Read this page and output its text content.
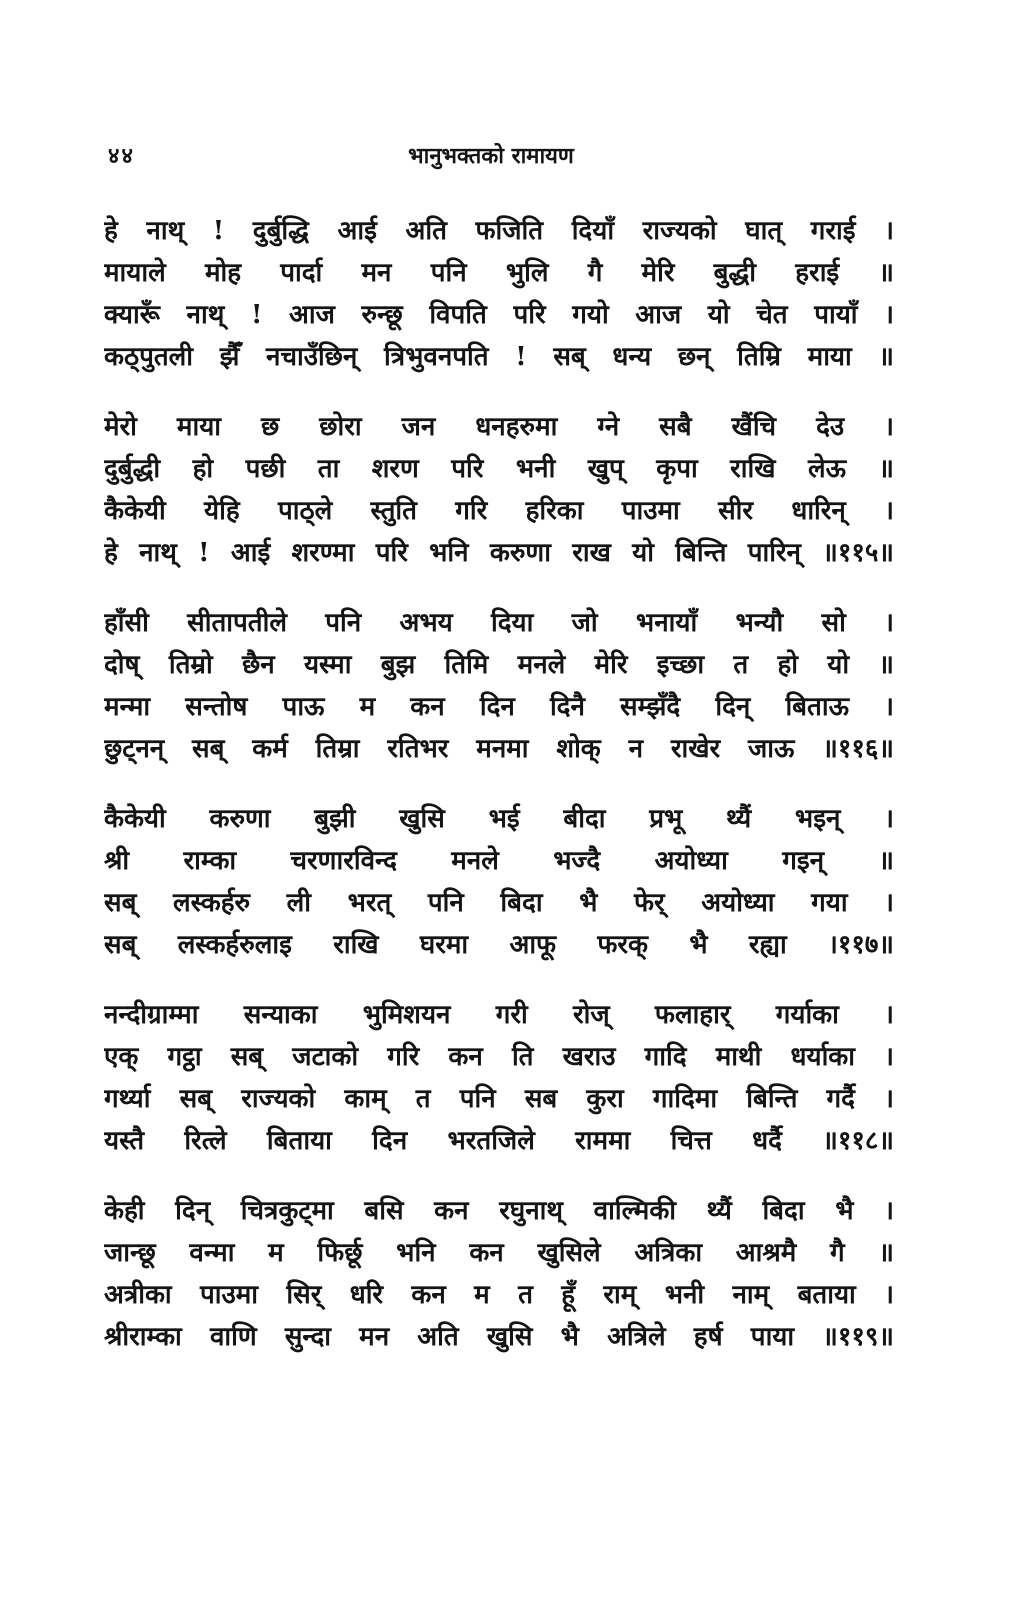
४४	भानुभक्तको रामायण
हे नाथ् ! दुर्बुद्धि आई अति फजिति दियाँ राज्यको घात् गराई ।
मायाले मोह पार्दा मन पनि भुलि गै मेरि बुद्धी हराई ॥
क्यारूँ नाथ् ! आज रुन्छू विपति परि गयो आज यो चेत पायाँ ।
कठ्पुतली झैँ नचाउँछिन् त्रिभुवनपति ! सब् धन्य छन् तिम्रि माया ॥
मेरो माया छ छोरा जन धनहरुमा ग्ने सबै खैंचि देउ ।
दुर्बुद्धी हो पछी ता शरण परि भनी खुप् कृपा राखि लेऊ ॥
कैकेयी येहि पाठ्ले स्तुति गरि हरिका पाउमा सीर धारिन् ।
हे नाथ् ! आई शरण्मा परि भनि करुणा राख यो बिन्ति पारिन् ॥११५॥
हाँसी सीतापतीले पनि अभय दिया जो भनायाँ भन्यौ सो ।
दोष् तिम्रो छैन यस्मा बुझ तिमि मनले मेरि इच्छा त हो यो ॥
मन्मा सन्तोष पाऊ म कन दिन दिनै सम्झँदै दिन् बिताऊ ।
छुट्नन् सब् कर्म तिम्रा रतिभर मनमा शोक् न राखेर जाऊ ॥११६॥
कैकेयी करुणा बुझी खुसि भई बीदा प्रभू थ्यैं भइन् ।
श्री राम्का चरणारविन्द मनले भज्दै अयोध्या गइन् ॥
सब् लस्कर्हरु ली भरत् पनि बिदा भै फेर् अयोध्या गया ।
सब् लस्कर्हरुलाइ राखि घरमा आफू फरक् भै रह्या ।११७॥
नन्दीग्राम्मा सन्याका भुमिशयन गरी रोज् फलाहार् गर्याका ।
एक् गट्ठा सब् जटाको गरि कन ति खराउ गादि माथी धर्याका ।
गर्थ्या सब् राज्यको काम् त पनि सब कुरा गादिमा बिन्ति गर्दै ।
यस्तै रित्ले बिताया दिन भरतजिले राममा चित्त धर्दै ॥११८॥
केही दिन् चित्रकुट्मा बसि कन रघुनाथ् वाल्मिकी थ्यैं बिदा भै ।
जान्छू वन्मा म फिर्छू भनि कन खुसिले अत्रिका आश्रमै गै ॥
अत्रीका पाउमा सिर् धरि कन म त हूँ राम् भनी नाम् बताया ।
श्रीराम्का वाणि सुन्दा मन अति खुसि भै अत्रिले हर्ष पाया ॥११९॥
